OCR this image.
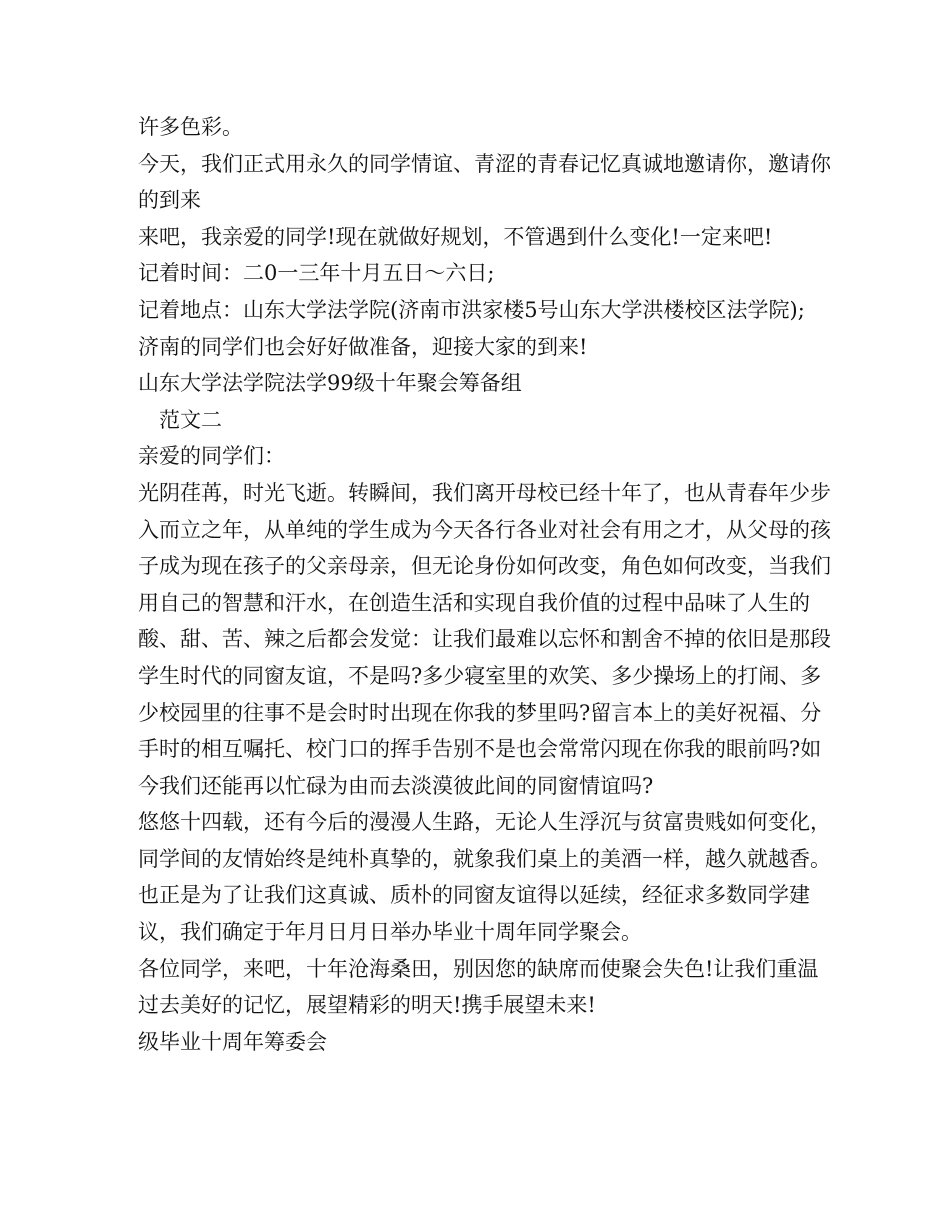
许多色彩。

今天，我们正式用永久的同学情谊、青涩的青春记忆真诚地邀请你，邀请你的到来

来吧，我亲爱的同学!现在就做好规划，不管遇到什么变化!一定来吧!

记着时间：二0一三年十月五日～六日;

记着地点：山东大学法学院(济南市洪家楼5号山东大学洪楼校区法学院);

济南的同学们也会好好做准备，迎接大家的到来!

山东大学法学院法学99级十年聚会筹备组

范文二

亲爱的同学们：

光阴荏苒，时光飞逝。转瞬间，我们离开母校已经十年了，也从青春年少步入而立之年，从单纯的学生成为今天各行各业对社会有用之才，从父母的孩子成为现在孩子的父亲母亲，但无论身份如何改变，角色如何改变，当我们用自己的智慧和汗水，在创造生活和实现自我价值的过程中品味了人生的酸、甜、苦、辣之后都会发觉：让我们最难以忘怀和割舍不掉的依旧是那段学生时代的同窗友谊，不是吗?多少寝室里的欢笑、多少操场上的打闹、多少校园里的往事不是会时时出现在你我的梦里吗?留言本上的美好祝福、分手时的相互嘱托、校门口的挥手告别不是也会常常闪现在你我的眼前吗?如今我们还能再以忙碌为由而去淡漠彼此间的同窗情谊吗?

悠悠十四载，还有今后的漫漫人生路，无论人生浮沉与贫富贵贱如何变化，同学间的友情始终是纯朴真挚的，就象我们桌上的美酒一样，越久就越香。 也正是为了让我们这真诚、质朴的同窗友谊得以延续，经征求多数同学建议，我们确定于年月日月日举办毕业十周年同学聚会。

各位同学，来吧，十年沧海桑田，别因您的缺席而使聚会失色!让我们重温过去美好的记忆，展望精彩的明天!携手展望未来!

级毕业十周年筹委会
